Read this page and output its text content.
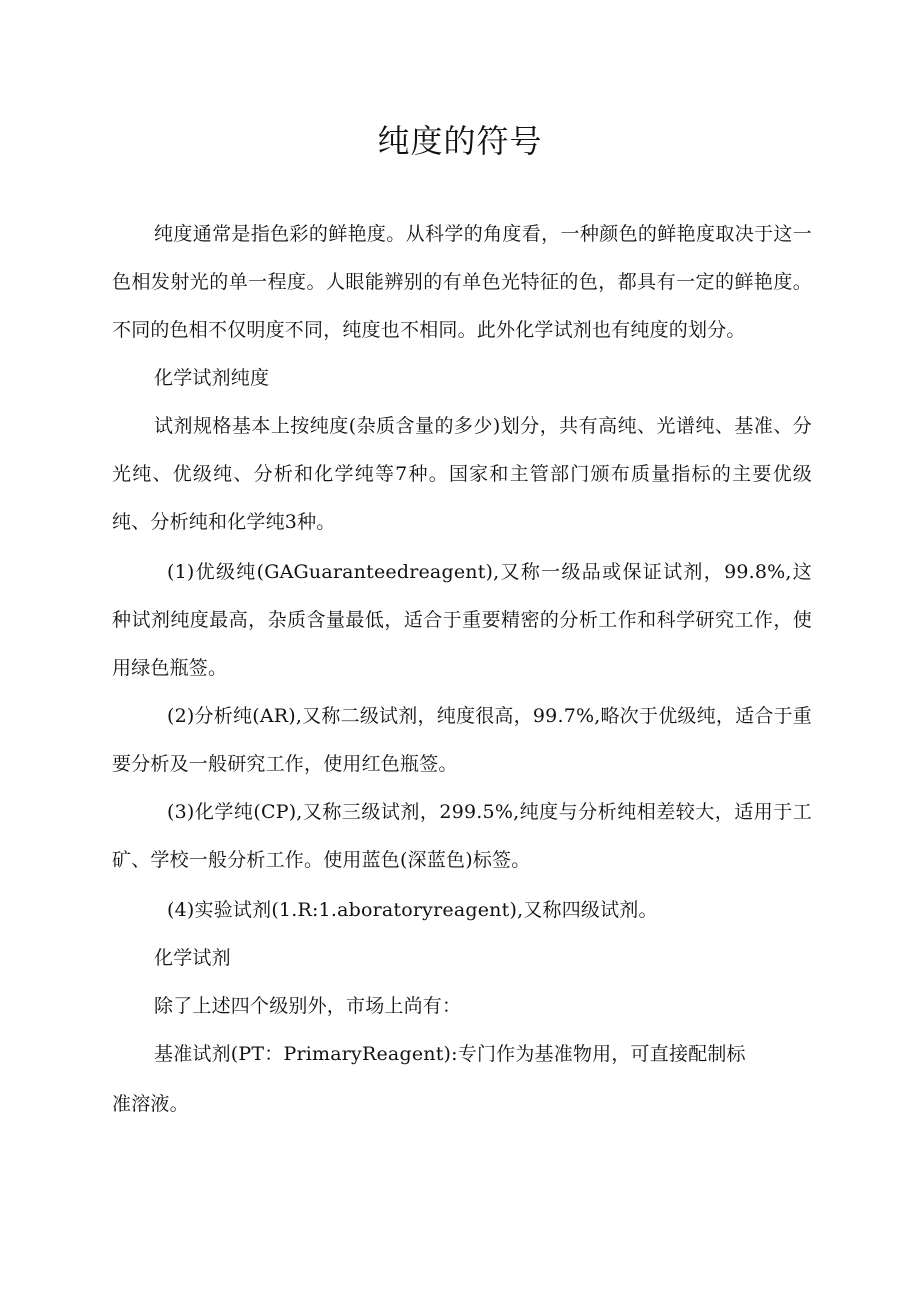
纯度的符号

纯度通常是指色彩的鲜艳度。从科学的角度看，一种颜色的鲜艳度取决于这一色相发射光的单一程度。人眼能辨别的有单色光特征的色，都具有一定的鲜艳度。不同的色相不仅明度不同，纯度也不相同。此外化学试剂也有纯度的划分。

化学试剂纯度

试剂规格基本上按纯度(杂质含量的多少)划分，共有高纯、光谱纯、基准、分光纯、优级纯、分析和化学纯等7种。国家和主管部门颁布质量指标的主要优级纯、分析纯和化学纯3种。

(1)优级纯(GAGuaranteedreagent),又称一级品或保证试剂，99.8%,这种试剂纯度最高，杂质含量最低，适合于重要精密的分析工作和科学研究工作，使用绿色瓶签。

(2)分析纯(AR),又称二级试剂，纯度很高，99.7%,略次于优级纯，适合于重要分析及一般研究工作，使用红色瓶签。

(3)化学纯(CP),又称三级试剂，299.5%,纯度与分析纯相差较大，适用于工矿、学校一般分析工作。使用蓝色(深蓝色)标签。

(4)实验试剂(1.R:1.aboratoryreagent),又称四级试剂。

化学试剂

除了上述四个级别外，市场上尚有：

基准试剂(PT：PrimaryReagent):专门作为基准物用，可直接配制标

准溶液。
